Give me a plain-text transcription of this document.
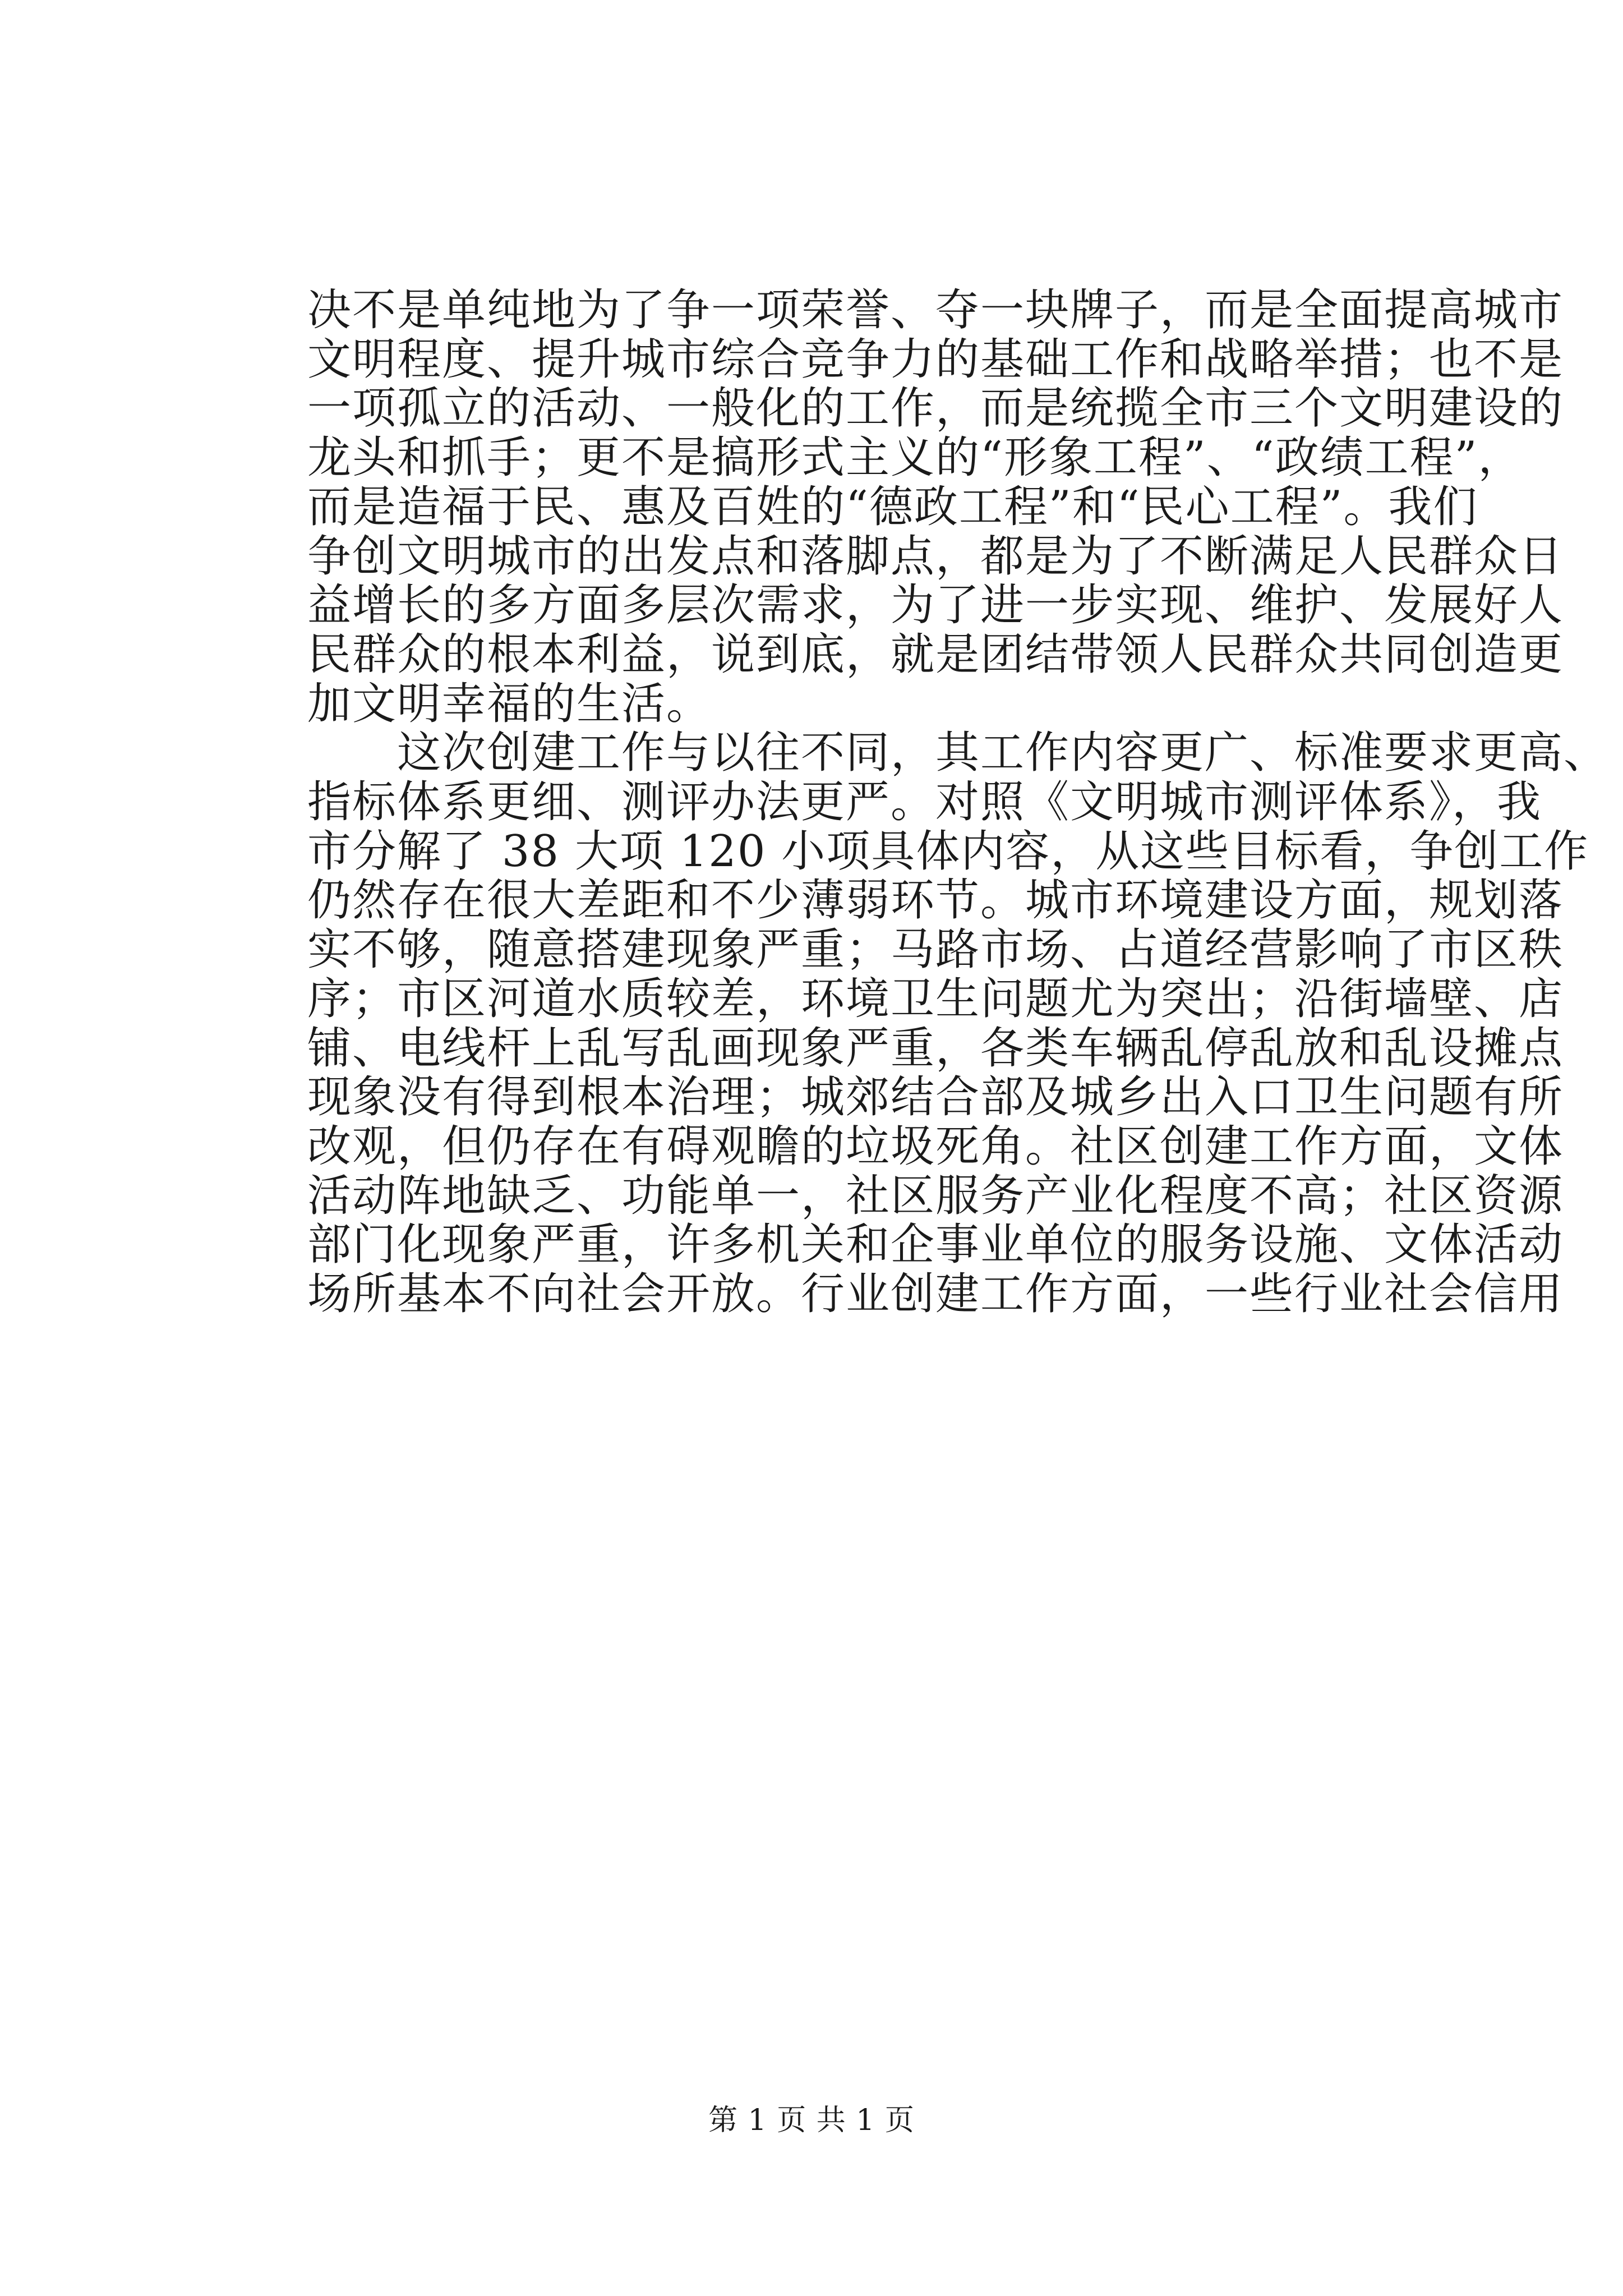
决不是单纯地为了争一项荣誉、夺一块牌子，而是全面提高城市
文明程度、提升城市综合竞争力的基础工作和战略举措；也不是
一项孤立的活动、一般化的工作，而是统揽全市三个文明建设的
龙头和抓手；更不是搞形式主义的“形象工程”、“政绩工程”，
而是造福于民、惠及百姓的“德政工程”和“民心工程”。我们
争创文明城市的出发点和落脚点，都是为了不断满足人民群众日
益增长的多方面多层次需求，为了进一步实现、维护、发展好人
民群众的根本利益，说到底，就是团结带领人民群众共同创造更
加文明幸福的生活。
这次创建工作与以往不同，其工作内容更广、标准要求更高、
指标体系更细、测评办法更严。对照《文明城市测评体系》，我
市分解了 38 大项 120 小项具体内容，从这些目标看，争创工作
仍然存在很大差距和不少薄弱环节。城市环境建设方面，规划落
实不够，随意搭建现象严重；马路市场、占道经营影响了市区秩
序；市区河道水质较差，环境卫生问题尤为突出；沿街墙壁、店
铺、电线杆上乱写乱画现象严重，各类车辆乱停乱放和乱设摊点
现象没有得到根本治理；城郊结合部及城乡出入口卫生问题有所
改观，但仍存在有碍观瞻的垃圾死角。社区创建工作方面，文体
活动阵地缺乏、功能单一，社区服务产业化程度不高；社区资源
部门化现象严重，许多机关和企事业单位的服务设施、文体活动
场所基本不向社会开放。行业创建工作方面，一些行业社会信用
第 1 页 共 1 页
